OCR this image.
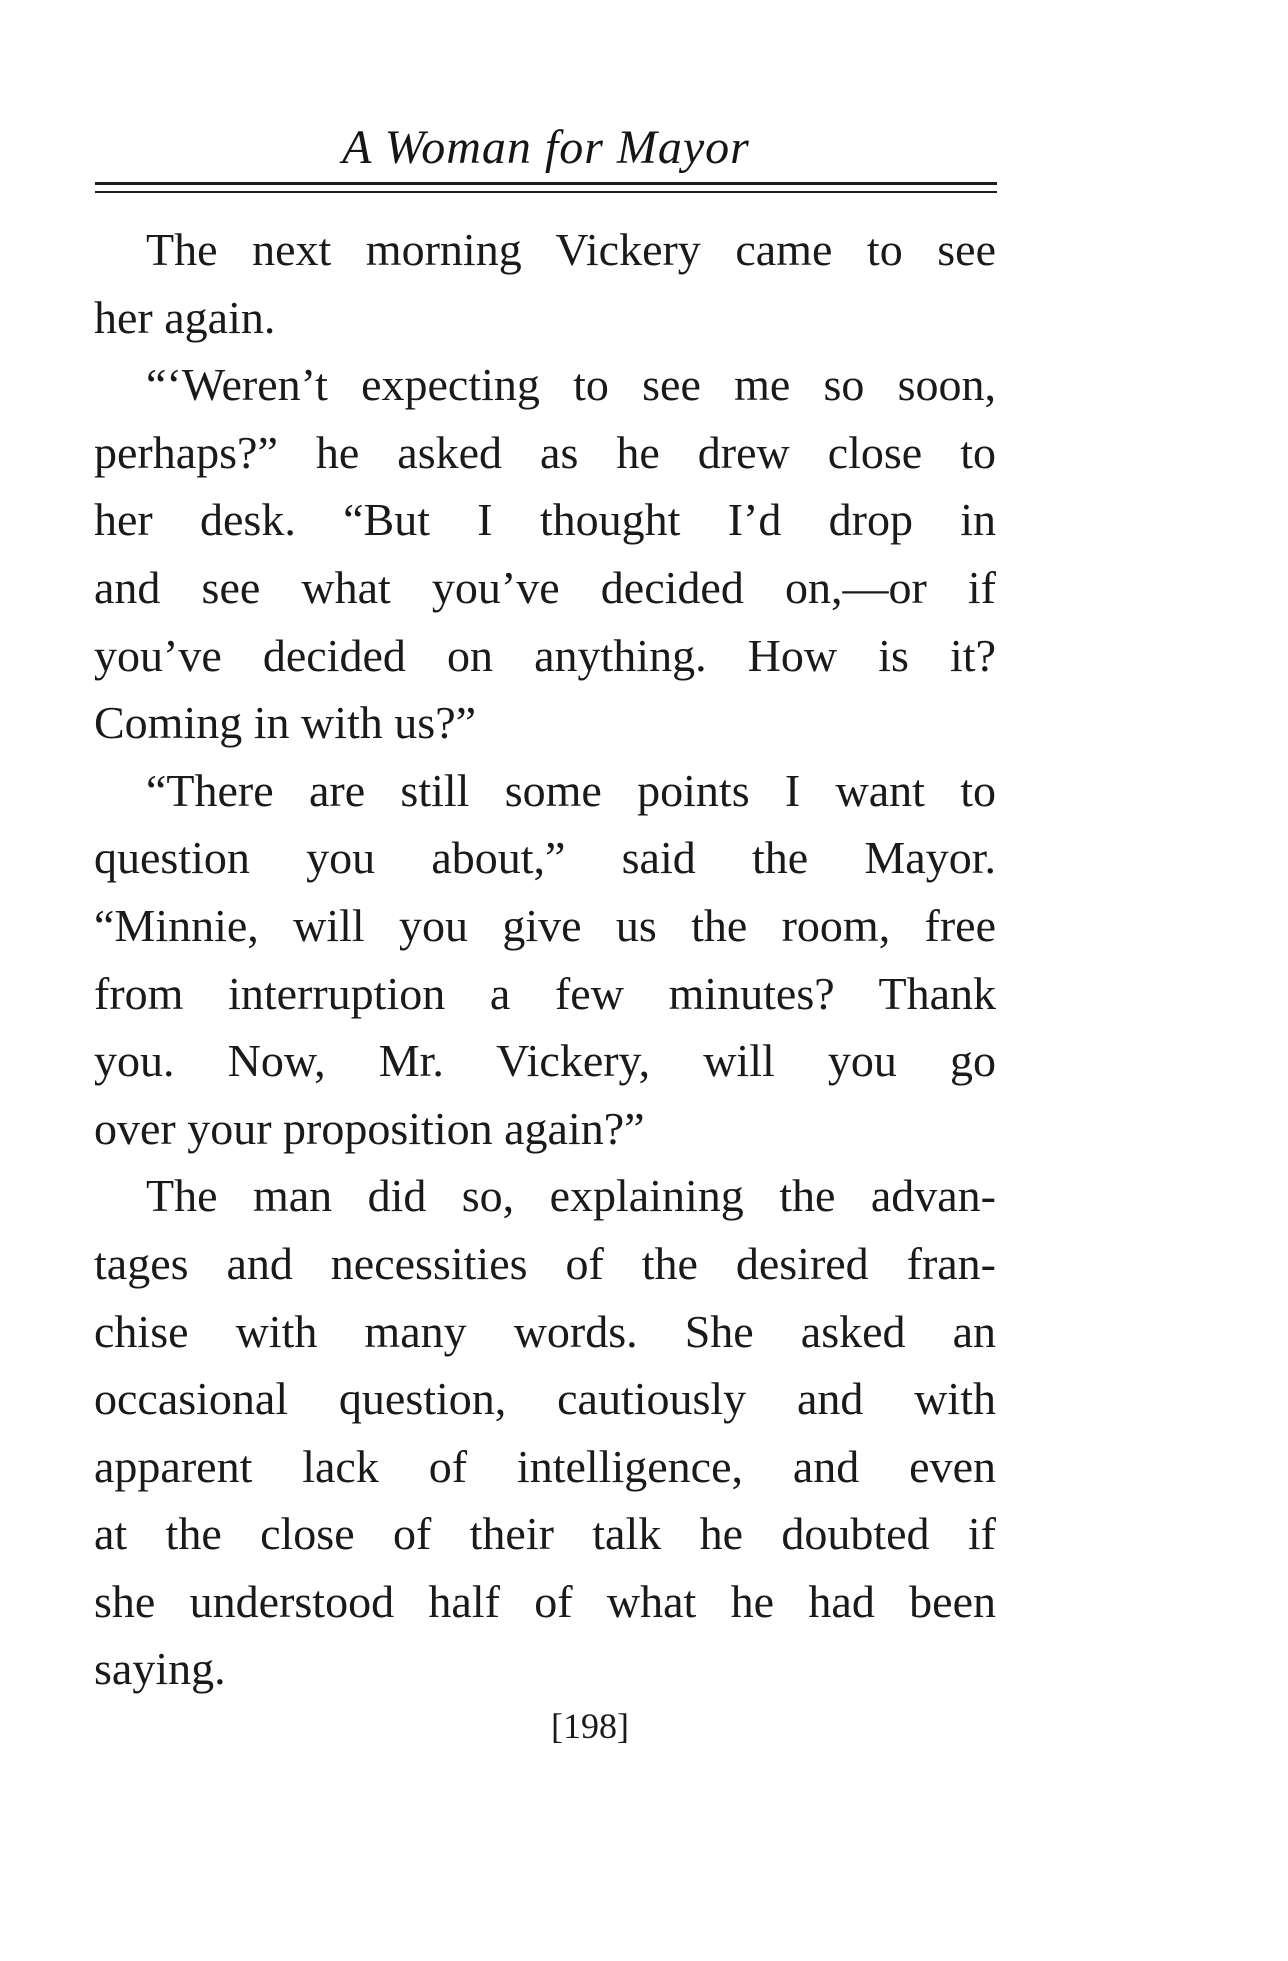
A Woman for Mayor
The next morning Vickery came to see
her again.
“‘Weren’t expecting to see me so soon,
perhaps?” he asked as he drew close to
her desk. “But I thought I’d drop in
and see what you’ve decided on,—or if
you’ve decided on anything. How is it?
Coming in with us?”
“There are still some points I want to
question you about,” said the Mayor.
“Minnie, will you give us the room, free
from interruption a few minutes? Thank
you. Now, Mr. Vickery, will you go
over your proposition again?”
The man did so, explaining the advan-
tages and necessities of the desired fran-
chise with many words. She asked an
occasional question, cautiously and with
apparent lack of intelligence, and even
at the close of their talk he doubted if
she understood half of what he had been
saying.
[198]
